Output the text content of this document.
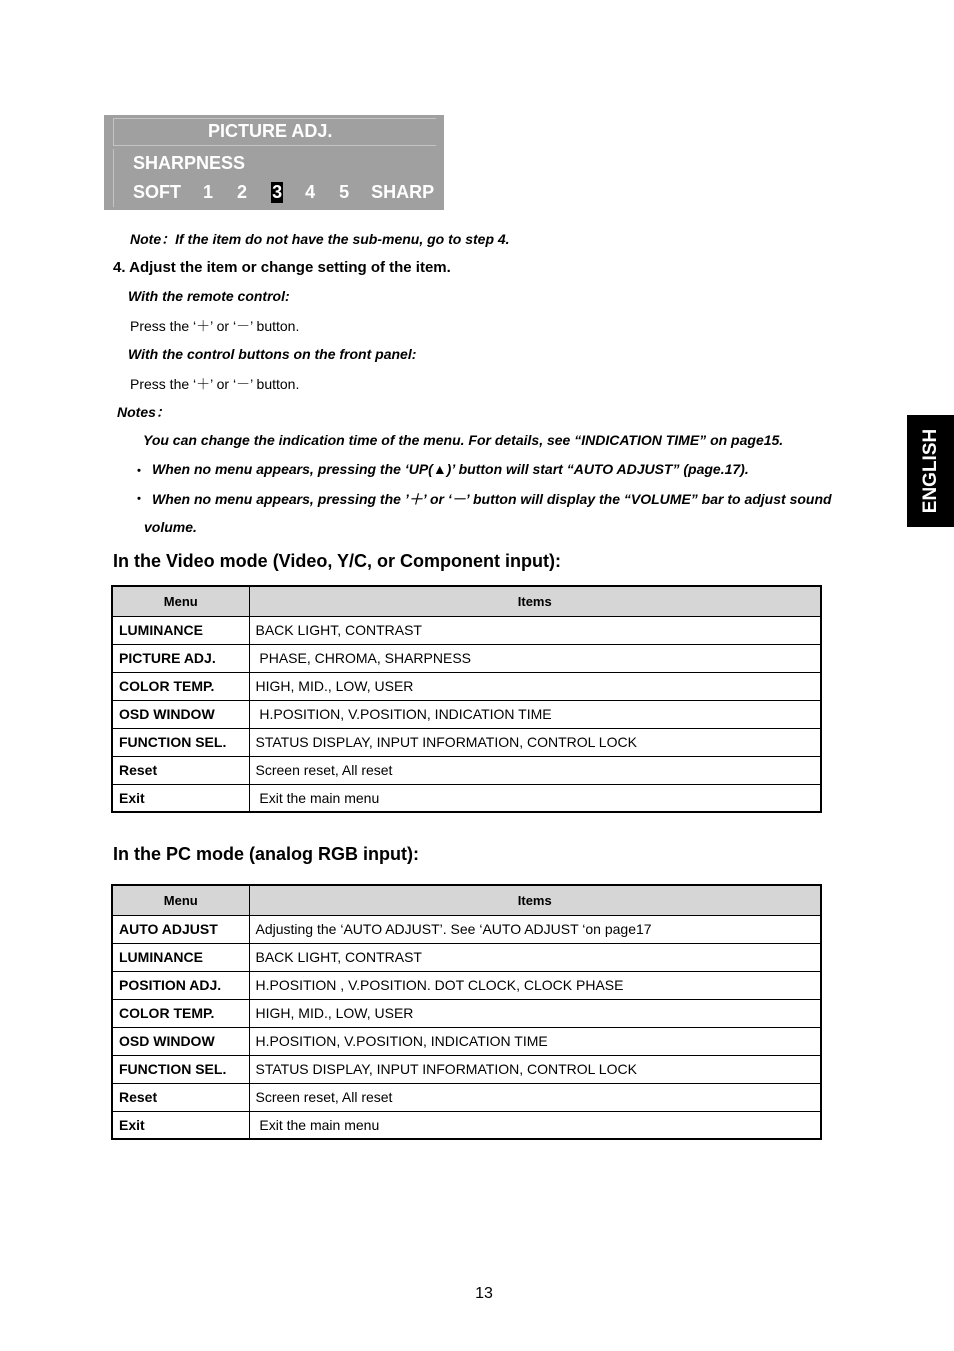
PICTURE ADJ.
SHARPNESS
SOFT 1 2 3 4 5 SHARP
Note：If the item do not have the sub-menu, go to step 4.
4. Adjust the item or change setting of the item.
With the remote control:
Press the ‘＋’ or ‘－’ button.
With the control buttons on the front panel:
Press the ‘＋’ or ‘－’ button.
Notes：
You can change the indication time of the menu. For details, see “INDICATION TIME” on page15.
・ When no menu appears, pressing the ‘UP(▲)’ button will start “AUTO ADJUST” (page.17).
・ When no menu appears, pressing the ’＋’ or ‘－’ button will display the “VOLUME” bar to adjust sound
volume.
ENGLISH
In the Video mode (Video, Y/C, or Component input):
Menu	Items
LUMINANCE	BACK LIGHT, CONTRAST
PICTURE ADJ.	PHASE, CHROMA, SHARPNESS
COLOR TEMP.	HIGH, MID., LOW, USER
OSD WINDOW	H.POSITION, V.POSITION, INDICATION TIME
FUNCTION SEL.	STATUS DISPLAY, INPUT INFORMATION, CONTROL LOCK
Reset	Screen reset, All reset
Exit	Exit the main menu
In the PC mode (analog RGB input):
Menu	Items
AUTO ADJUST	Adjusting the ‘AUTO ADJUST’. See ‘AUTO ADJUST ‘on page17
LUMINANCE	BACK LIGHT, CONTRAST
POSITION ADJ.	H.POSITION , V.POSITION. DOT CLOCK, CLOCK PHASE
COLOR TEMP.	HIGH, MID., LOW, USER
OSD WINDOW	H.POSITION, V.POSITION, INDICATION TIME
FUNCTION SEL.	STATUS DISPLAY, INPUT INFORMATION, CONTROL LOCK
Reset	Screen reset, All reset
Exit	Exit the main menu
13
